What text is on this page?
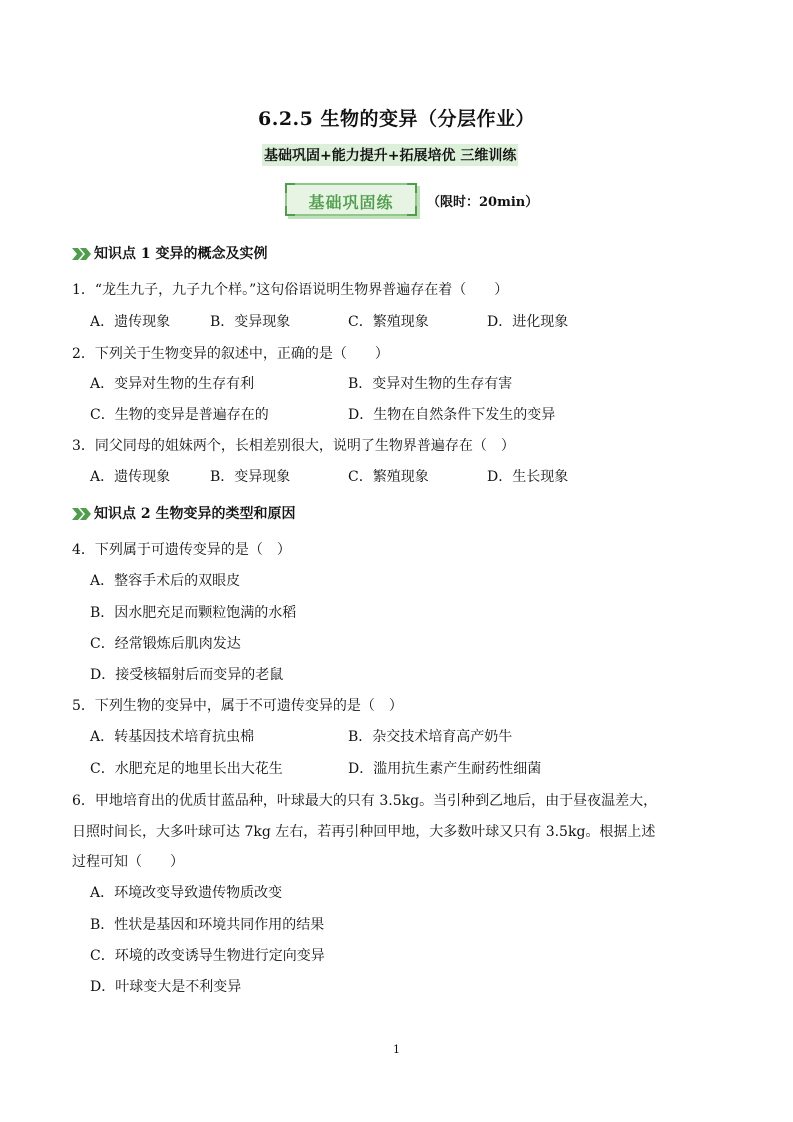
6.2.5 生物的变异（分层作业）
基础巩固+能力提升+拓展培优 三维训练
基础巩固练	（限时：20min）
知识点 1 变异的概念及实例
1．“龙生九子，九子九个样。”这句俗语说明生物界普遍存在着（　　）
A．遗传现象	B．变异现象	C．繁殖现象	D．进化现象
2．下列关于生物变异的叙述中，正确的是（　　）
A．变异对生物的生存有利	B．变异对生物的生存有害
C．生物的变异是普遍存在的	D．生物在自然条件下发生的变异
3．同父同母的姐妹两个，长相差别很大，说明了生物界普遍存在（　）
A．遗传现象	B．变异现象	C．繁殖现象	D．生长现象
知识点 2 生物变异的类型和原因
4．下列属于可遗传变异的是（　）
A．整容手术后的双眼皮
B．因水肥充足而颗粒饱满的水稻
C．经常锻炼后肌肉发达
D．接受核辐射后而变异的老鼠
5．下列生物的变异中，属于不可遗传变异的是（　）
A．转基因技术培育抗虫棉	B．杂交技术培育高产奶牛
C．水肥充足的地里长出大花生	D．滥用抗生素产生耐药性细菌
6．甲地培育出的优质甘蓝品种，叶球最大的只有 3.5kg。当引种到乙地后，由于昼夜温差大，
日照时间长，大多叶球可达 7kg 左右，若再引种回甲地，大多数叶球又只有 3.5kg。根据上述
过程可知（　　）
A．环境改变导致遗传物质改变
B．性状是基因和环境共同作用的结果
C．环境的改变诱导生物进行定向变异
D．叶球变大是不利变异
1
